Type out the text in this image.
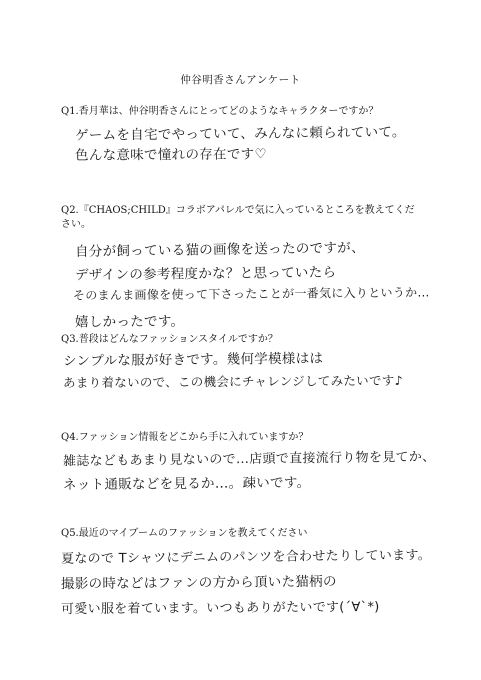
仲谷明香さんアンケート
Q1.香月華は、仲谷明香さんにとってどのようなキャラクターですか？
ゲームを自宅でやっていて、みんなに頼られていて。
色んな意味で憧れの存在です♡
Q2.『CHAOS;CHILD』コラボアパレルで気に入っているところを教えてください。
自分が飼っている猫の画像を送ったのですが、
デザインの参考程度かな？と思っていたら
そのまんま画像を使って下さったことが一番気に入りというか…
嬉しかったです。
Q3.普段はどんなファッションスタイルですか？
シンプルな服が好きです。幾何学模様はは
あまり着ないので、この機会にチャレンジしてみたいです♪
Q4.ファッション情報をどこから手に入れていますか？
雑誌などもあまり見ないので…店頭で直接流行り物を見てか、
ネット通販などを見るか…。疎いです。
Q5.最近のマイブームのファッションを教えてください
夏なので Tシャツにデニムのパンツを合わせたりしています。
撮影の時などはファンの方から頂いた猫柄の
可愛い服を着ています。いつもありがたいです(´∀`*)
